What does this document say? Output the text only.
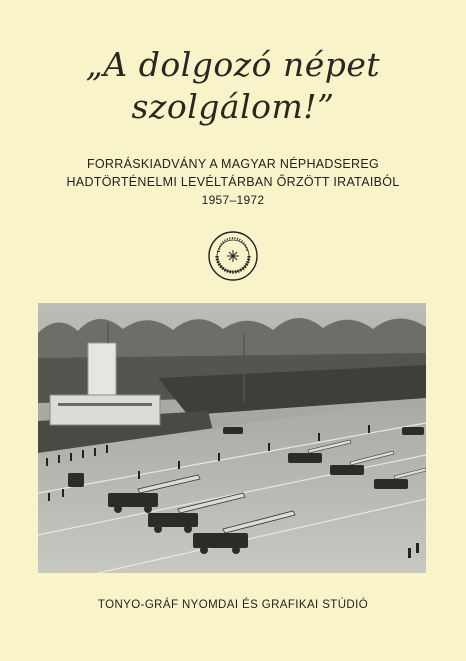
„A dolgozó népet
szolgálom!”
FORRÁSKIADVÁNY A MAGYAR NÉPHADSEREG
HADTÖRTÉNELMI LEVÉLTÁRBAN ŐRZÖTT IRATAIBÓL
1957–1972
TONYO-GRÁF NYOMDAI ÉS GRAFIKAI STÚDIÓ
